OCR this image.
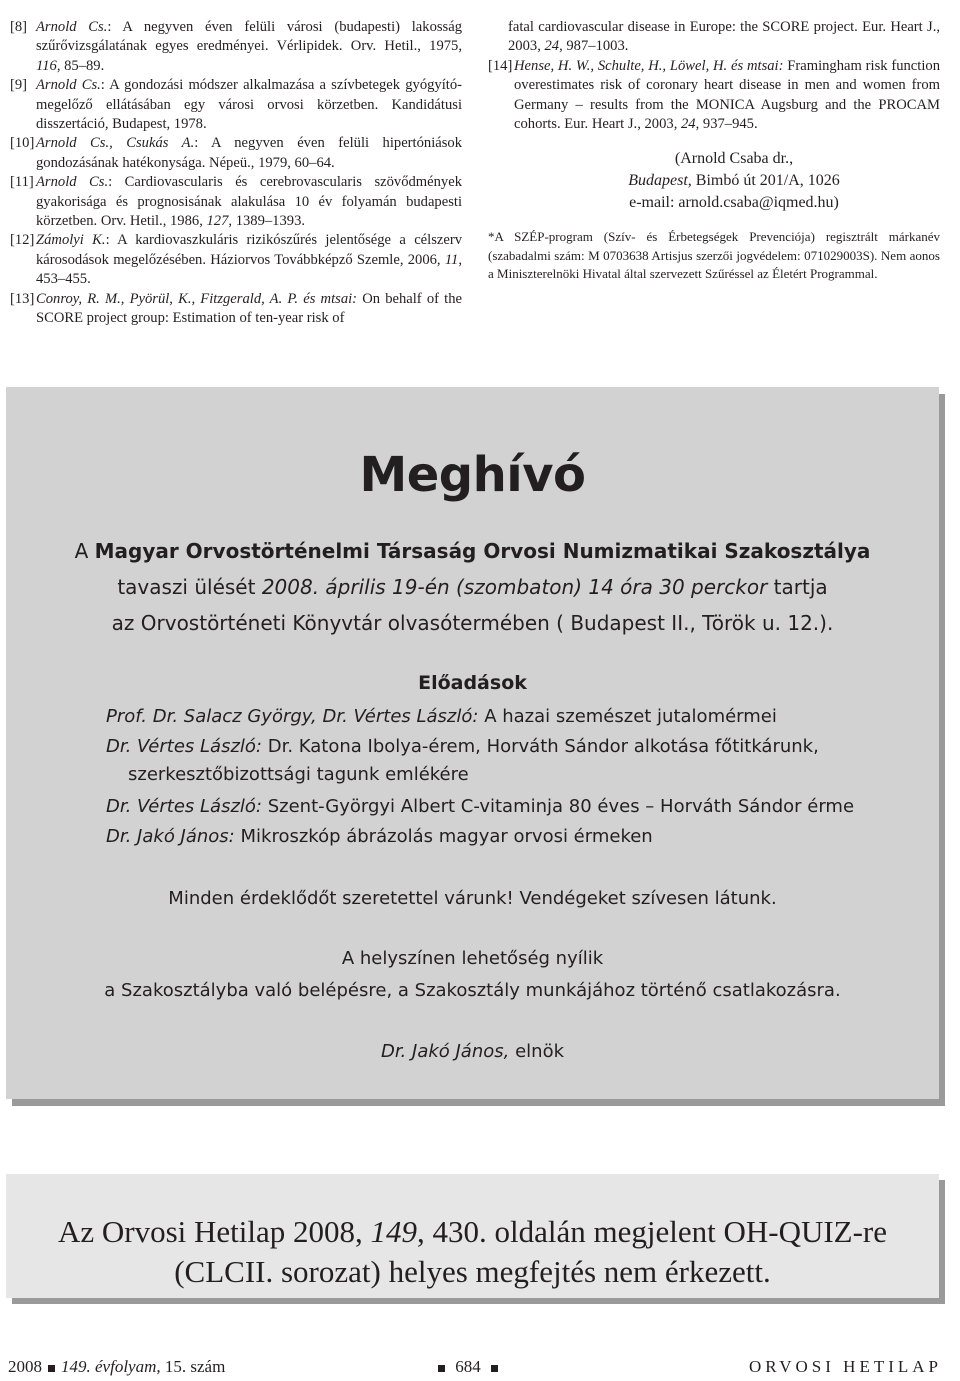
[8] Arnold Cs.: A negyven éven felüli városi (budapesti) lakosság szűrővizsgálatának egyes eredményei. Vérlipidek. Orv. Hetil., 1975, 116, 85–89.
[9] Arnold Cs.: A gondozási módszer alkalmazása a szívbetegek gyógyító-megelőző ellátásában egy városi orvosi körzetben. Kandidátusi disszertáció, Budapest, 1978.
[10] Arnold Cs., Csukás A.: A negyven éven felüli hipertóniások gondozásának hatékonysága. Népeü., 1979, 60–64.
[11] Arnold Cs.: Cardiovascularis és cerebrovascularis szövődmények gyakorisága és prognosisának alakulása 10 év folyamán budapesti körzetben. Orv. Hetil., 1986, 127, 1389–1393.
[12] Zámolyi K.: A kardiovaszkuláris rizikószűrés jelentősége a célszerv károsodások megelőzésében. Háziorvos Továbbképző Szemle, 2006, 11, 453–455.
[13] Conroy, R. M., Pyörül, K., Fitzgerald, A. P. és mtsai: On behalf of the SCORE project group: Estimation of ten-year risk of
fatal cardiovascular disease in Europe: the SCORE project. Eur. Heart J., 2003, 24, 987–1003.
[14] Hense, H. W., Schulte, H., Löwel, H. és mtsai: Framingham risk function overestimates risk of coronary heart disease in men and women from Germany – results from the MONICA Augsburg and the PROCAM cohorts. Eur. Heart J., 2003, 24, 937–945.
(Arnold Csaba dr.,
Budapest, Bimbó út 201/A, 1026
e-mail: arnold.csaba@iqmed.hu)
*A SZÉP-program (Szív- és Érbetegségek Prevenciója) regisztrált márkanév (szabadalmi szám: M 0703638 Artisjus szerzői jogvédelem: 071029003S). Nem aonos a Miniszterelnöki Hivatal által szervezett Szűréssel az Életért Programmal.
Meghívó
A Magyar Orvostörténelmi Társaság Orvosi Numizmatikai Szakosztálya
tavaszi ülését 2008. április 19-én (szombaton) 14 óra 30 perckor tartja
az Orvostörténeti Könyvtár olvasótermében ( Budapest II., Török u. 12.).
Előadások
Prof. Dr. Salacz György, Dr. Vértes László: A hazai szemészet jutalomérmei
Dr. Vértes László: Dr. Katona Ibolya-érem, Horváth Sándor alkotása főtitkárunk,
szerkesztőbizottsági tagunk emlékére
Dr. Vértes László: Szent-Györgyi Albert C-vitaminja 80 éves – Horváth Sándor érme
Dr. Jakó János: Mikroszkóp ábrázolás magyar orvosi érmeken
Minden érdeklődőt szeretettel várunk! Vendégeket szívesen látunk.
A helyszínen lehetőség nyílik
a Szakosztályba való belépésre, a Szakosztály munkájához történő csatlakozásra.
Dr. Jakó János, elnök
Az Orvosi Hetilap 2008, 149, 430. oldalán megjelent OH-QUIZ-re
(CLCII. sorozat) helyes megfejtés nem érkezett.
2008 149. évfolyam, 15. szám	684	ORVOSI HETILAP
